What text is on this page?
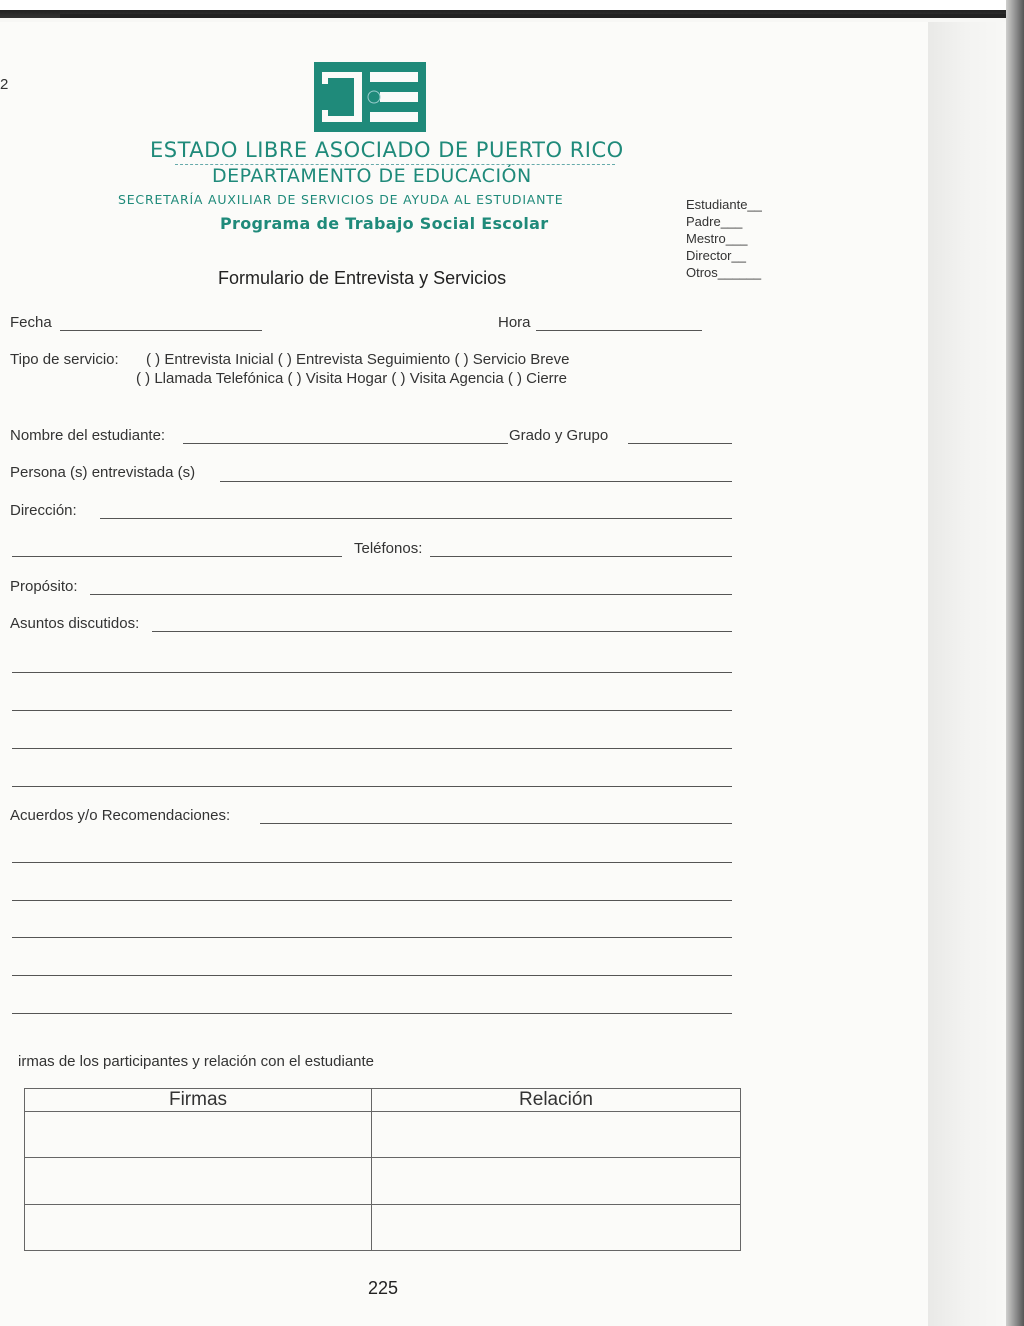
2
ESTADO LIBRE ASOCIADO DE PUERTO RICO
DEPARTAMENTO DE EDUCACIÓN
SECRETARÍA AUXILIAR DE SERVICIOS DE AYUDA AL ESTUDIANTE
Programa de Trabajo Social Escolar
Formulario de Entrevista y Servicios
Estudiante__
Padre___
Mestro___
Director__
Otros______
Fecha	Hora
Tipo de servicio: ( ) Entrevista Inicial ( ) Entrevista Seguimiento ( ) Servicio Breve
( ) Llamada Telefónica ( ) Visita Hogar ( ) Visita Agencia ( ) Cierre
Nombre del estudiante:	Grado y Grupo
Persona (s) entrevistada (s)
Dirección:
Teléfonos:
Propósito:
Asuntos discutidos:
Acuerdos y/o Recomendaciones:
irmas de los participantes y relación con el estudiante
Firmas	Relación

225
